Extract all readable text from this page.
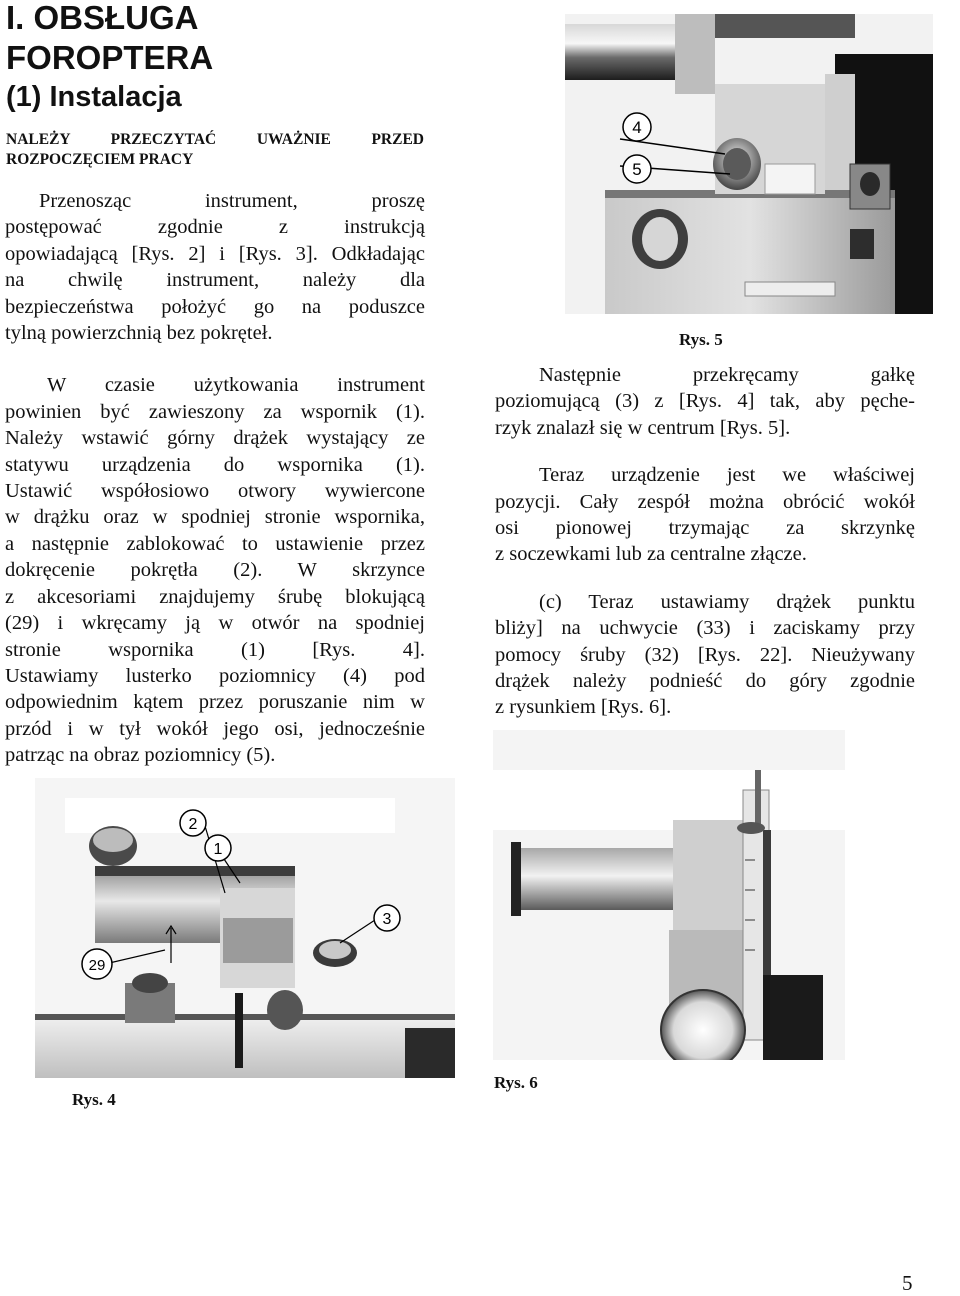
I. OBSŁUGA
FOROPTERA
(1) Instalacja
NALEŻY PRZECZYTAĆ UWAŻNIE PRZED
ROZPOCZĘCIEM PRACY
Przenosząc instrument, proszę
postępować zgodnie z instrukcją
opowiadającą [Rys. 2] i [Rys. 3]. Odkładając
na chwilę instrument, należy dla
bezpieczeństwa położyć go na poduszce
tylną powierzchnią bez pokręteł.
W czasie użytkowania instrument
powinien być zawieszony za wspornik (1).
Należy wstawić górny drążek wystający ze
statywu urządzenia do wspornika (1).
Ustawić współosiowo otwory wywiercone
w drążku oraz w spodniej stronie wspornika,
a następnie zablokować to ustawienie przez
dokręcenie pokrętła (2). W skrzynce
z akcesoriami znajdujemy śrubę blokującą
(29) i wkręcamy ją w otwór na spodniej
stronie wspornika (1) [Rys. 4].
Ustawiamy lusterko poziomnicy (4) pod
odpowiednim kątem przez poruszanie nim w
przód i w tył wokół jego osi, jednocześnie
patrząc na obraz poziomnicy (5).
4
5
Rys. 5
Następnie przekręcamy gałkę
poziomującą (3) z [Rys. 4] tak, aby pęche-
rzyk znalazł się w centrum [Rys. 5].
Teraz urządzenie jest we właściwej
pozycji. Cały zespół można obrócić wokół
osi pionowej trzymając za skrzynkę
z soczewkami lub za centralne złącze.
(c) Teraz ustawiamy drążek punktu
bliży] na uchwycie (33) i zaciskamy przy
pomocy śruby (32) [Rys. 22]. Nieużywany
drążek należy podnieść do góry zgodnie
z rysunkiem [Rys. 6].
2
1
3
29
Rys. 4
Rys. 6
5
